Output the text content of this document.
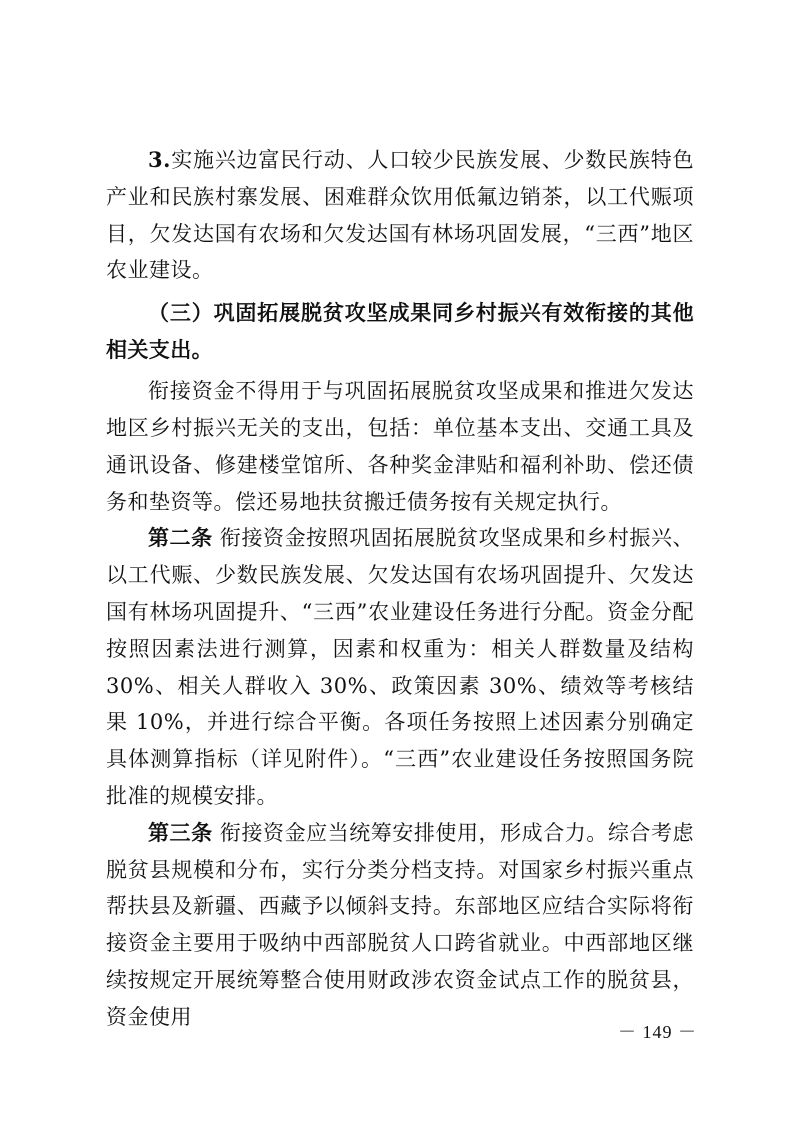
3.实施兴边富民行动、人口较少民族发展、少数民族特色产业和民族村寨发展、困难群众饮用低氟边销茶，以工代赈项目，欠发达国有农场和欠发达国有林场巩固发展，“三西”地区农业建设。

（三）巩固拓展脱贫攻坚成果同乡村振兴有效衔接的其他相关支出。

衔接资金不得用于与巩固拓展脱贫攻坚成果和推进欠发达地区乡村振兴无关的支出，包括：单位基本支出、交通工具及通讯设备、修建楼堂馆所、各种奖金津贴和福利补助、偿还债务和垫资等。偿还易地扶贫搬迁债务按有关规定执行。

第二条 衔接资金按照巩固拓展脱贫攻坚成果和乡村振兴、以工代赈、少数民族发展、欠发达国有农场巩固提升、欠发达国有林场巩固提升、“三西”农业建设任务进行分配。资金分配按照因素法进行测算，因素和权重为：相关人群数量及结构 30%、相关人群收入 30%、政策因素 30%、绩效等考核结果 10%，并进行综合平衡。各项任务按照上述因素分别确定具体测算指标（详见附件）。“三西”农业建设任务按照国务院批准的规模安排。

第三条 衔接资金应当统筹安排使用，形成合力。综合考虑脱贫县规模和分布，实行分类分档支持。对国家乡村振兴重点帮扶县及新疆、西藏予以倾斜支持。东部地区应结合实际将衔接资金主要用于吸纳中西部脱贫人口跨省就业。中西部地区继续按规定开展统筹整合使用财政涉农资金试点工作的脱贫县，资金使用

－ 149 －
